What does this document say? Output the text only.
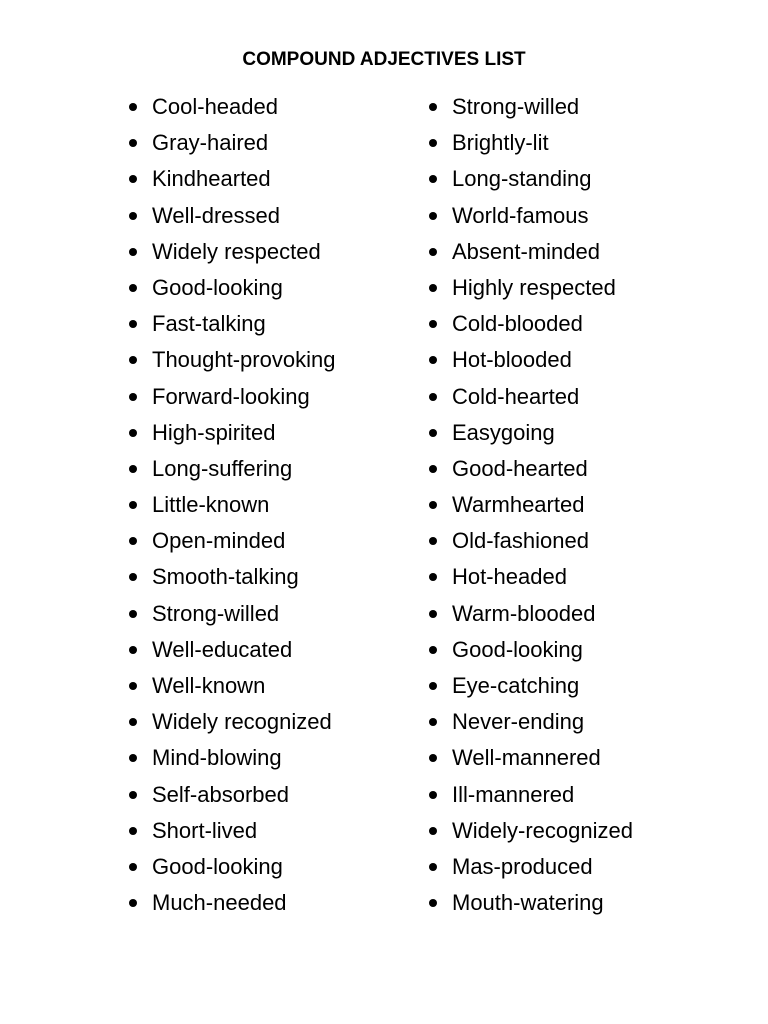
COMPOUND ADJECTIVES LIST
Cool-headed
Gray-haired
Kindhearted
Well-dressed
Widely respected
Good-looking
Fast-talking
Thought-provoking
Forward-looking
High-spirited
Long-suffering
Little-known
Open-minded
Smooth-talking
Strong-willed
Well-educated
Well-known
Widely recognized
Mind-blowing
Self-absorbed
Short-lived
Good-looking
Much-needed
Strong-willed
Brightly-lit
Long-standing
World-famous
Absent-minded
Highly respected
Cold-blooded
Hot-blooded
Cold-hearted
Easygoing
Good-hearted
Warmhearted
Old-fashioned
Hot-headed
Warm-blooded
Good-looking
Eye-catching
Never-ending
Well-mannered
Ill-mannered
Widely-recognized
Mas-produced
Mouth-watering
